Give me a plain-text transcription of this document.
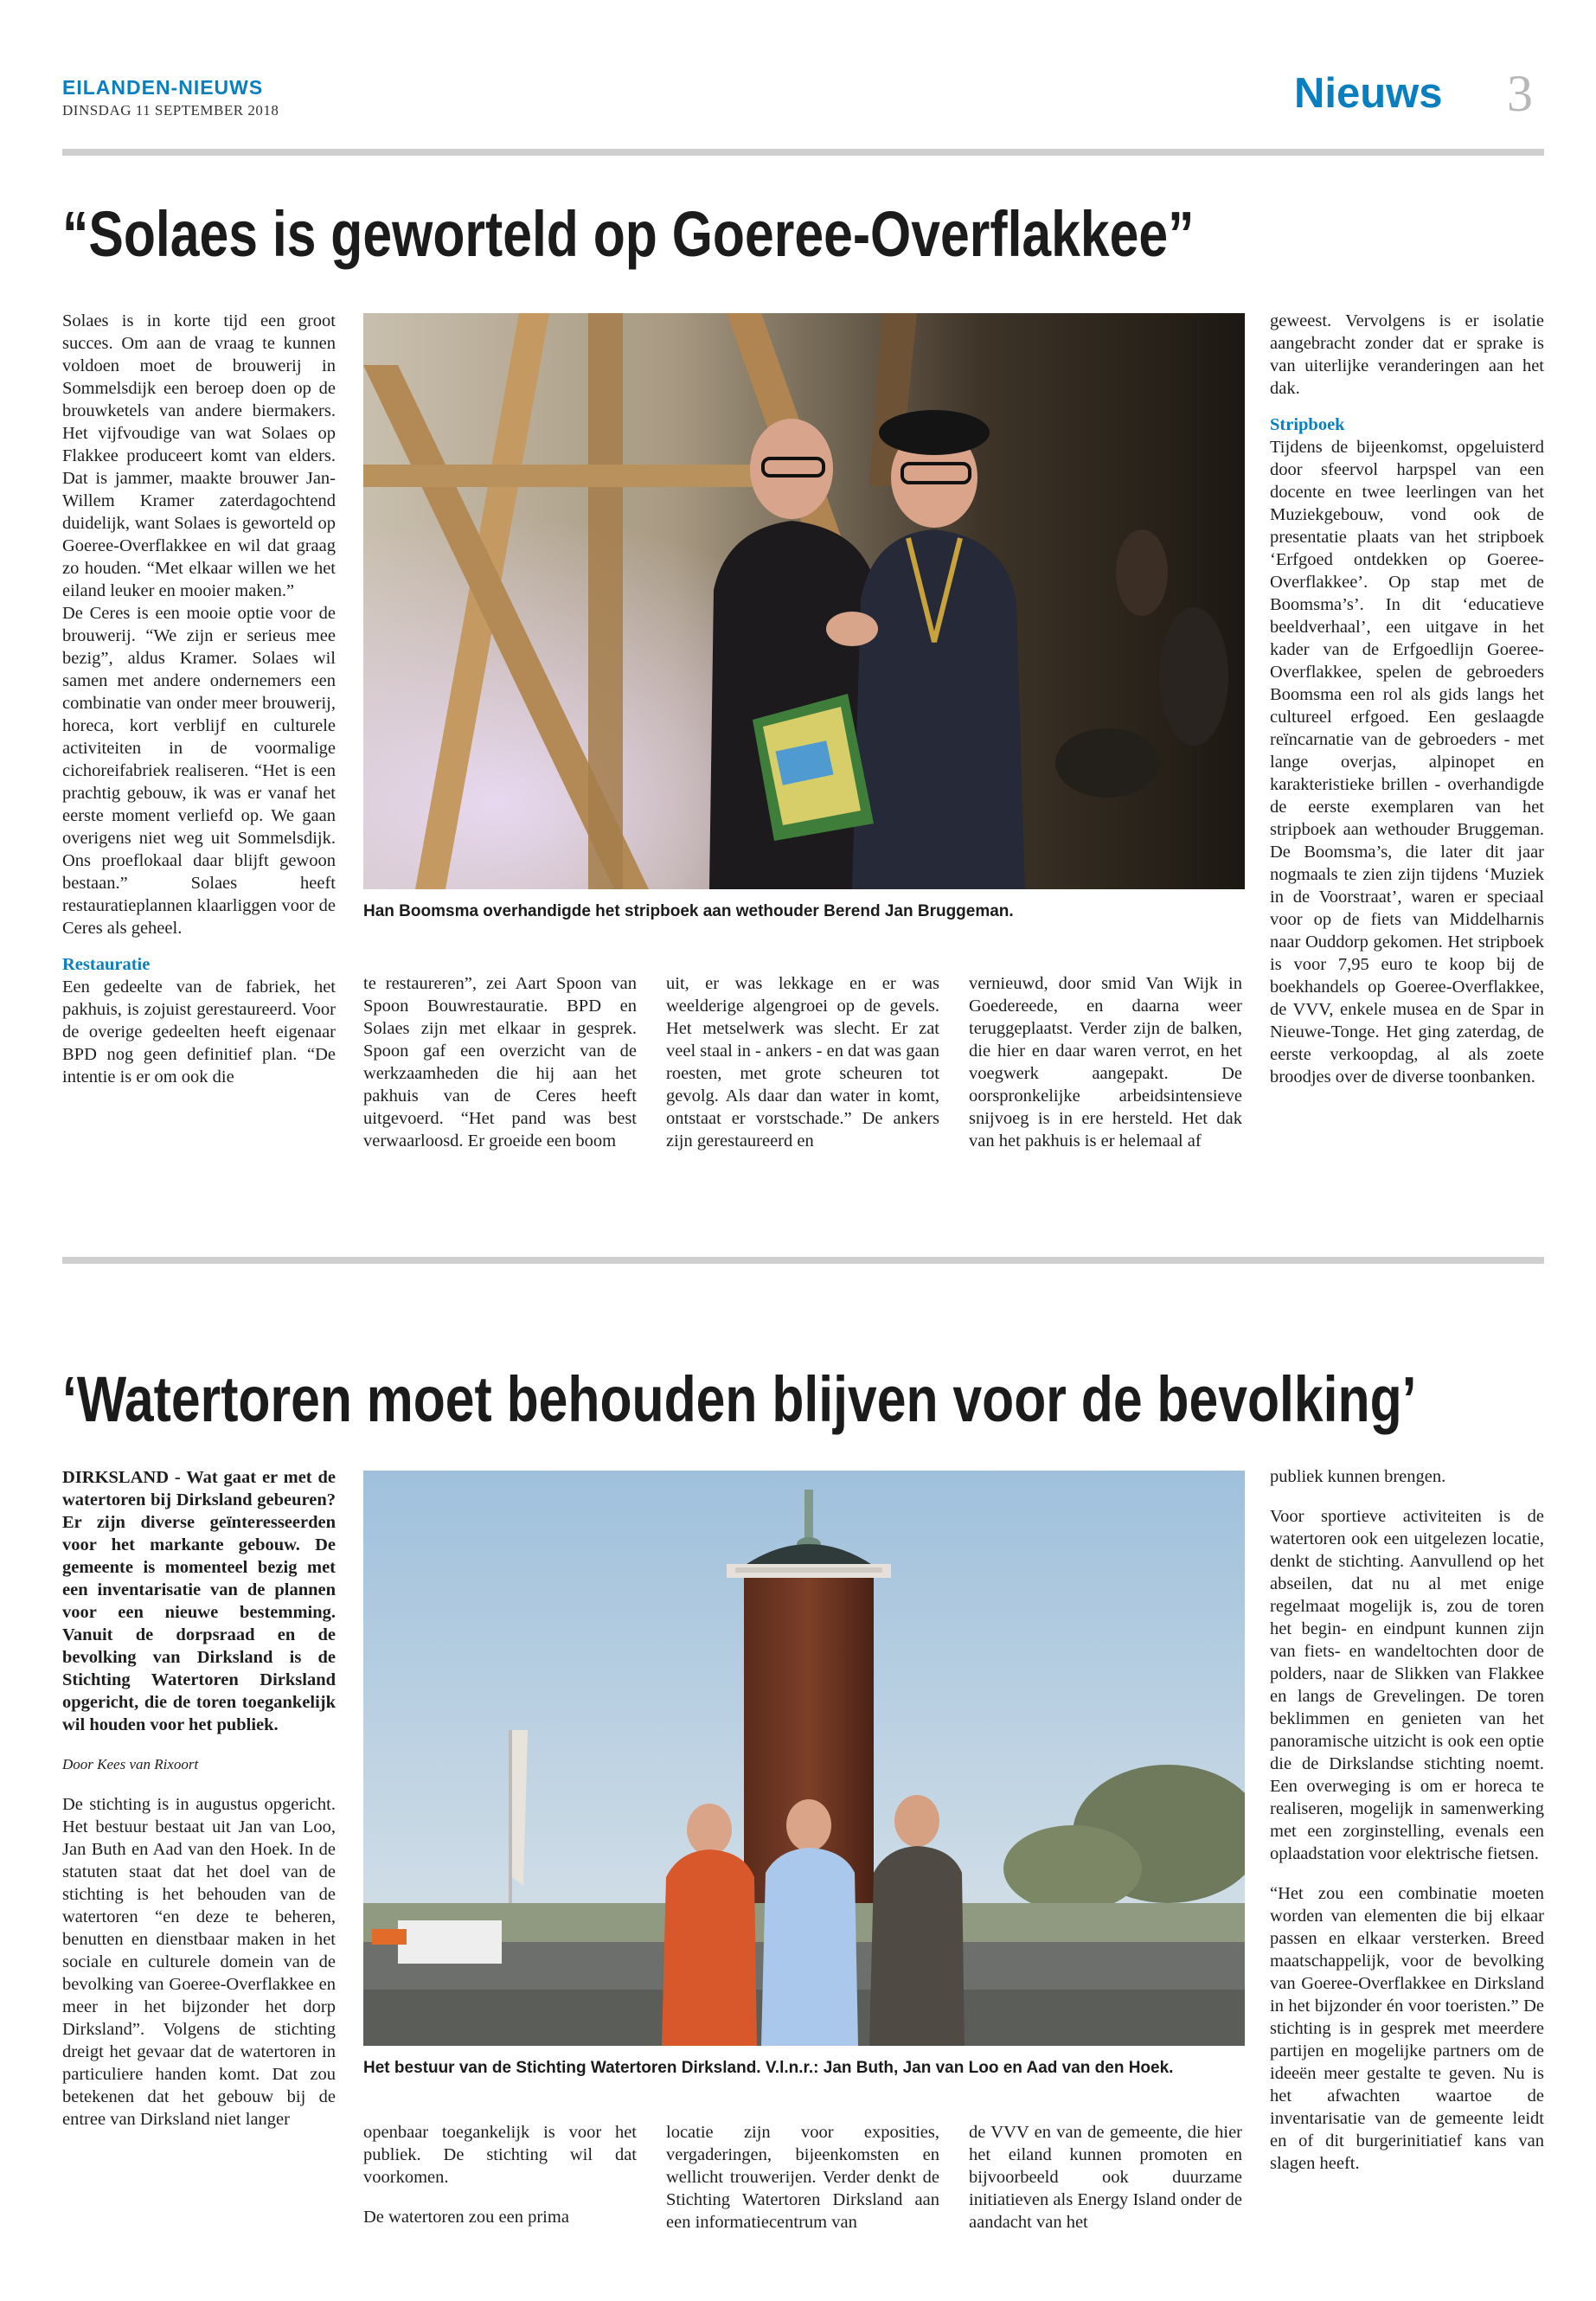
EILANDEN-NIEUWS
DINSDAG 11 SEPTEMBER 2018	Nieuws 3
“Solaes is geworteld op Goeree-Overflakkee”

Solaes is in korte tijd een groot succes. Om aan de vraag te kunnen voldoen moet de brouwerij in Sommelsdijk een beroep doen op de brouwketels van andere biermakers. Het vijfvoudige van wat Solaes op Flakkee produceert komt van elders. Dat is jammer, maakte brouwer Jan-Willem Kramer zaterdagochtend duidelijk, want Solaes is geworteld op Goeree-Overflakkee en wil dat graag zo houden. “Met elkaar willen we het eiland leuker en mooier maken.”

De Ceres is een mooie optie voor de brouwerij. “We zijn er serieus mee bezig”, aldus Kramer. Solaes wil samen met andere ondernemers een combinatie van onder meer brouwerij, horeca, kort verblijf en culturele activiteiten in de voormalige cichoreifabriek realiseren. “Het is een prachtig gebouw, ik was er vanaf het eerste moment verliefd op. We gaan overigens niet weg uit Sommelsdijk. Ons proeflokaal daar blijft gewoon bestaan.” Solaes heeft restauratieplannen klaarliggen voor de Ceres als geheel.

Restauratie

Een gedeelte van de fabriek, het pakhuis, is zojuist gerestaureerd. Voor de overige gedeelten heeft eigenaar BPD nog geen definitief plan. “De intentie is er om ook die

Han Boomsma overhandigde het stripboek aan wethouder Berend Jan Bruggeman.

te restaureren”, zei Aart Spoon van Spoon Bouwrestauratie. BPD en Solaes zijn met elkaar in gesprek. Spoon gaf een overzicht van de werkzaamheden die hij aan het pakhuis van de Ceres heeft uitgevoerd. “Het pand was best verwaarloosd. Er groeide een boom

uit, er was lekkage en er was weelderige algengroei op de gevels. Het metselwerk was slecht. Er zat veel staal in - ankers - en dat was gaan roesten, met grote scheuren tot gevolg. Als daar dan water in komt, ontstaat er vorstschade.” De ankers zijn gerestaureerd en

vernieuwd, door smid Van Wijk in Goedereede, en daarna weer teruggeplaatst. Verder zijn de balken, die hier en daar waren verrot, en het voegwerk aangepakt. De oorspronkelijke arbeidsintensieve snijvoeg is in ere hersteld. Het dak van het pakhuis is er helemaal af

geweest. Vervolgens is er isolatie aangebracht zonder dat er sprake is van uiterlijke veranderingen aan het dak.

Stripboek

Tijdens de bijeenkomst, opgeluisterd door sfeervol harpspel van een docente en twee leerlingen van het Muziekgebouw, vond ook de presentatie plaats van het stripboek ‘Erfgoed ontdekken op Goeree-Overflakkee’. Op stap met de Boomsma’s’. In dit ‘educatieve beeldverhaal’, een uitgave in het kader van de Erfgoedlijn Goeree-Overflakkee, spelen de gebroeders Boomsma een rol als gids langs het cultureel erfgoed. Een geslaagde reïncarnatie van de gebroeders - met lange overjas, alpinopet en karakteristieke brillen - overhandigde de eerste exemplaren van het stripboek aan wethouder Bruggeman. De Boomsma’s, die later dit jaar nogmaals te zien zijn tijdens ‘Muziek in de Voorstraat’, waren er speciaal voor op de fiets van Middelharnis naar Ouddorp gekomen. Het stripboek is voor 7,95 euro te koop bij de boekhandels op Goeree-Overflakkee, de VVV, enkele musea en de Spar in Nieuwe-Tonge. Het ging zaterdag, de eerste verkoopdag, al als zoete broodjes over de diverse toonbanken.

‘Watertoren moet behouden blijven voor de bevolking’

DIRKSLAND - Wat gaat er met de watertoren bij Dirksland gebeuren? Er zijn diverse geïnteresseerden voor het markante gebouw. De gemeente is momenteel bezig met een inventarisatie van de plannen voor een nieuwe bestemming. Vanuit de dorpsraad en de bevolking van Dirksland is de Stichting Watertoren Dirksland opgericht, die de toren toegankelijk wil houden voor het publiek.

Door Kees van Rixoort

De stichting is in augustus opgericht. Het bestuur bestaat uit Jan van Loo, Jan Buth en Aad van den Hoek. In de statuten staat dat het doel van de stichting is het behouden van de watertoren “en deze te beheren, benutten en dienstbaar maken in het sociale en culturele domein van de bevolking van Goeree-Overflakkee en meer in het bijzonder het dorp Dirksland”. Volgens de stichting dreigt het gevaar dat de watertoren in particuliere handen komt. Dat zou betekenen dat het gebouw bij de entree van Dirksland niet langer

Het bestuur van de Stichting Watertoren Dirksland. V.l.n.r.: Jan Buth, Jan van Loo en Aad van den Hoek.

openbaar toegankelijk is voor het publiek. De stichting wil dat voorkomen.

De watertoren zou een prima

locatie zijn voor exposities, vergaderingen, bijeenkomsten en wellicht trouwerijen. Verder denkt de Stichting Watertoren Dirksland aan een informatiecentrum van

de VVV en van de gemeente, die hier het eiland kunnen promoten en bijvoorbeeld ook duurzame initiatieven als Energy Island onder de aandacht van het

publiek kunnen brengen.

Voor sportieve activiteiten is de watertoren ook een uitgelezen locatie, denkt de stichting. Aanvullend op het abseilen, dat nu al met enige regelmaat mogelijk is, zou de toren het begin- en eindpunt kunnen zijn van fiets- en wandeltochten door de polders, naar de Slikken van Flakkee en langs de Grevelingen. De toren beklimmen en genieten van het panoramische uitzicht is ook een optie die de Dirkslandse stichting noemt. Een overweging is om er horeca te realiseren, mogelijk in samenwerking met een zorginstelling, evenals een oplaadstation voor elektrische fietsen.

“Het zou een combinatie moeten worden van elementen die bij elkaar passen en elkaar versterken. Breed maatschappelijk, voor de bevolking van Goeree-Overflakkee en Dirksland in het bijzonder én voor toeristen.” De stichting is in gesprek met meerdere partijen en mogelijke partners om de ideeën meer gestalte te geven. Nu is het afwachten waartoe de inventarisatie van de gemeente leidt en of dit burgerinitiatief kans van slagen heeft.
